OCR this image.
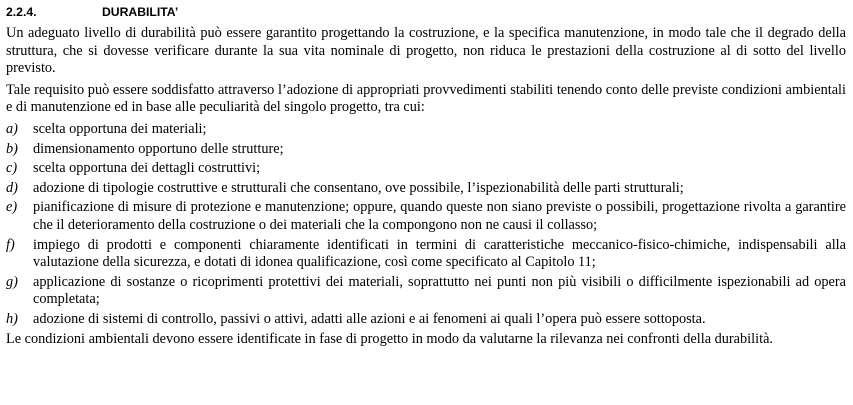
2.2.4.	DURABILITA’

Un adeguato livello di durabilità può essere garantito progettando la costruzione, e la specifica manutenzione, in modo tale che il degrado della struttura, che si dovesse verificare durante la sua vita nominale di progetto, non riduca le prestazioni della costruzione al di sotto del livello previsto.

Tale requisito può essere soddisfatto attraverso l’adozione di appropriati provvedimenti stabiliti tenendo conto delle previste condizioni ambientali e di manutenzione ed in base alle peculiarità del singolo progetto, tra cui:

a) scelta opportuna dei materiali;
b) dimensionamento opportuno delle strutture;
c) scelta opportuna dei dettagli costruttivi;
d) adozione di tipologie costruttive e strutturali che consentano, ove possibile, l’ispezionabilità delle parti strutturali;
e) pianificazione di misure di protezione e manutenzione; oppure, quando queste non siano previste o possibili, progettazione rivolta a garantire che il deterioramento della costruzione o dei materiali che la compongono non ne causi il collasso;
f) impiego di prodotti e componenti chiaramente identificati in termini di caratteristiche meccanico-fisico-chimiche, indispensabili alla valutazione della sicurezza, e dotati di idonea qualificazione, così come specificato al Capitolo 11;
g) applicazione di sostanze o ricoprimenti protettivi dei materiali, soprattutto nei punti non più visibili o difficilmente ispezionabili ad opera completata;
h) adozione di sistemi di controllo, passivi o attivi, adatti alle azioni e ai fenomeni ai quali l’opera può essere sottoposta.

Le condizioni ambientali devono essere identificate in fase di progetto in modo da valutarne la rilevanza nei confronti della durabilità.
